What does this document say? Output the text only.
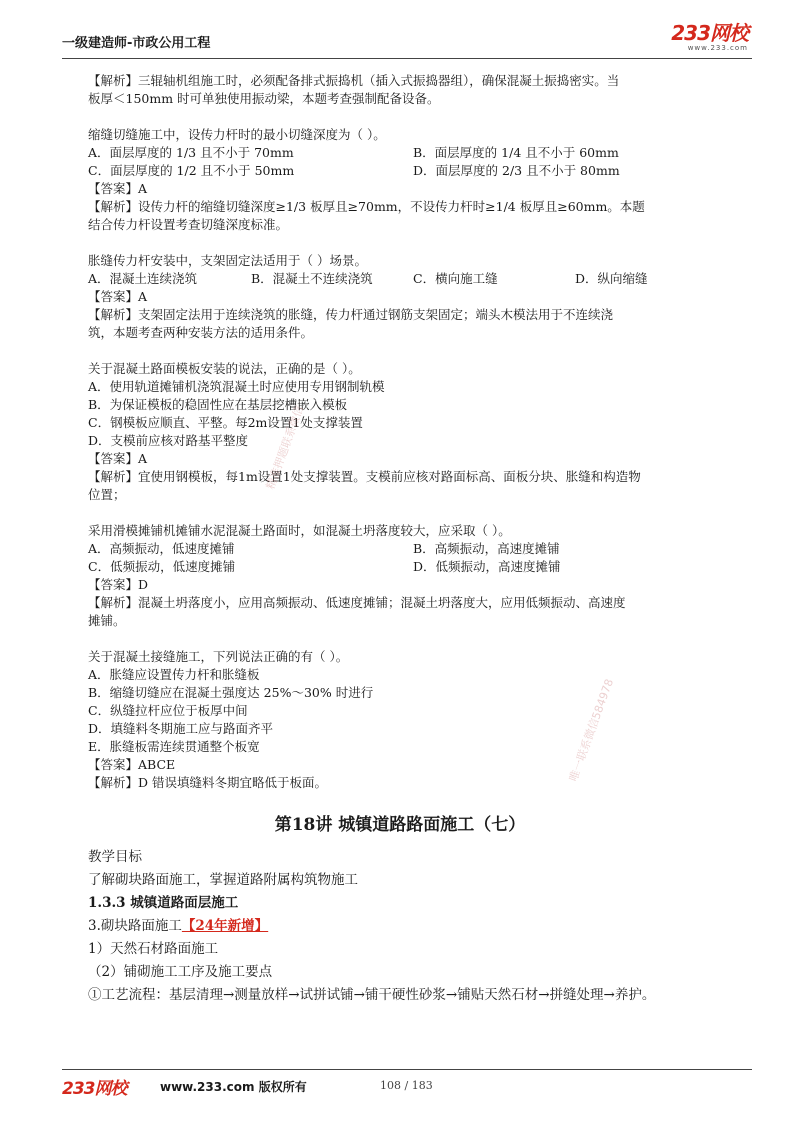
一级建造师-市政公用工程	233网校
www.233.com
【解析】三辊轴机组施工时，必须配备排式振捣机（插入式振捣器组），确保混凝土振捣密实。当
板厚＜150mm 时可单独使用振动梁，本题考查强制配备设备。
缩缝切缝施工中，设传力杆时的最小切缝深度为（ ）。
A．面层厚度的 1/3 且不小于 70mm	B．面层厚度的 1/4 且不小于 60mm
C．面层厚度的 1/2 且不小于 50mm	D．面层厚度的 2/3 且不小于 80mm
【答案】A
【解析】设传力杆的缩缝切缝深度≥1/3 板厚且≥70mm，不设传力杆时≥1/4 板厚且≥60mm。本题
结合传力杆设置考查切缝深度标准。
胀缝传力杆安装中，支架固定法适用于（ ）场景。
A．混凝土连续浇筑	B．混凝土不连续浇筑	C．横向施工缝	D．纵向缩缝
【答案】A
【解析】支架固定法用于连续浇筑的胀缝，传力杆通过钢筋支架固定；端头木模法用于不连续浇
筑，本题考查两种安装方法的适用条件。
关于混凝土路面模板安装的说法，正确的是（ ）。
A．使用轨道摊铺机浇筑混凝土时应使用专用钢制轨模
B．为保证模板的稳固性应在基层挖槽嵌入模板
C．钢模板应顺直、平整。每2m设置1处支撑装置
D．支模前应核对路基平整度
【答案】A
【解析】宜使用钢模板，每1m设置1处支撑装置。支模前应核对路面标高、面板分块、胀缝和构造物
位置；
采用滑模摊铺机摊铺水泥混凝土路面时，如混凝土坍落度较大，应采取（ ）。
A．高频振动，低速度摊铺	B．高频振动，高速度摊铺
C．低频振动，低速度摊铺	D．低频振动，高速度摊铺
【答案】D
【解析】混凝土坍落度小，应用高频振动、低速度摊铺；混凝土坍落度大，应用低频振动、高速度
摊铺。
关于混凝土接缝施工，下列说法正确的有（ ）。
A．胀缝应设置传力杆和胀缝板
B．缩缝切缝应在混凝土强度达 25%～30% 时进行
C．纵缝拉杆应位于板厚中间
D．填缝料冬期施工应与路面齐平
E．胀缝板需连续贯通整个板宽
【答案】ABCE
【解析】D 错误填缝料冬期宜略低于板面。
第18讲 城镇道路路面施工（七）
教学目标
了解砌块路面施工，掌握道路附属构筑物施工
1.3.3 城镇道路面层施工
3.砌块路面施工【24年新增】
1）天然石材路面施工
（2）铺砌施工工序及施工要点
①工艺流程：基层清理→测量放样→试拼试铺→铺干硬性砂浆→铺贴天然石材→拼缝处理→养护。
精准押题联系微信
唯一联系微信584978
233网校	www.233.com 版权所有	108 / 183
